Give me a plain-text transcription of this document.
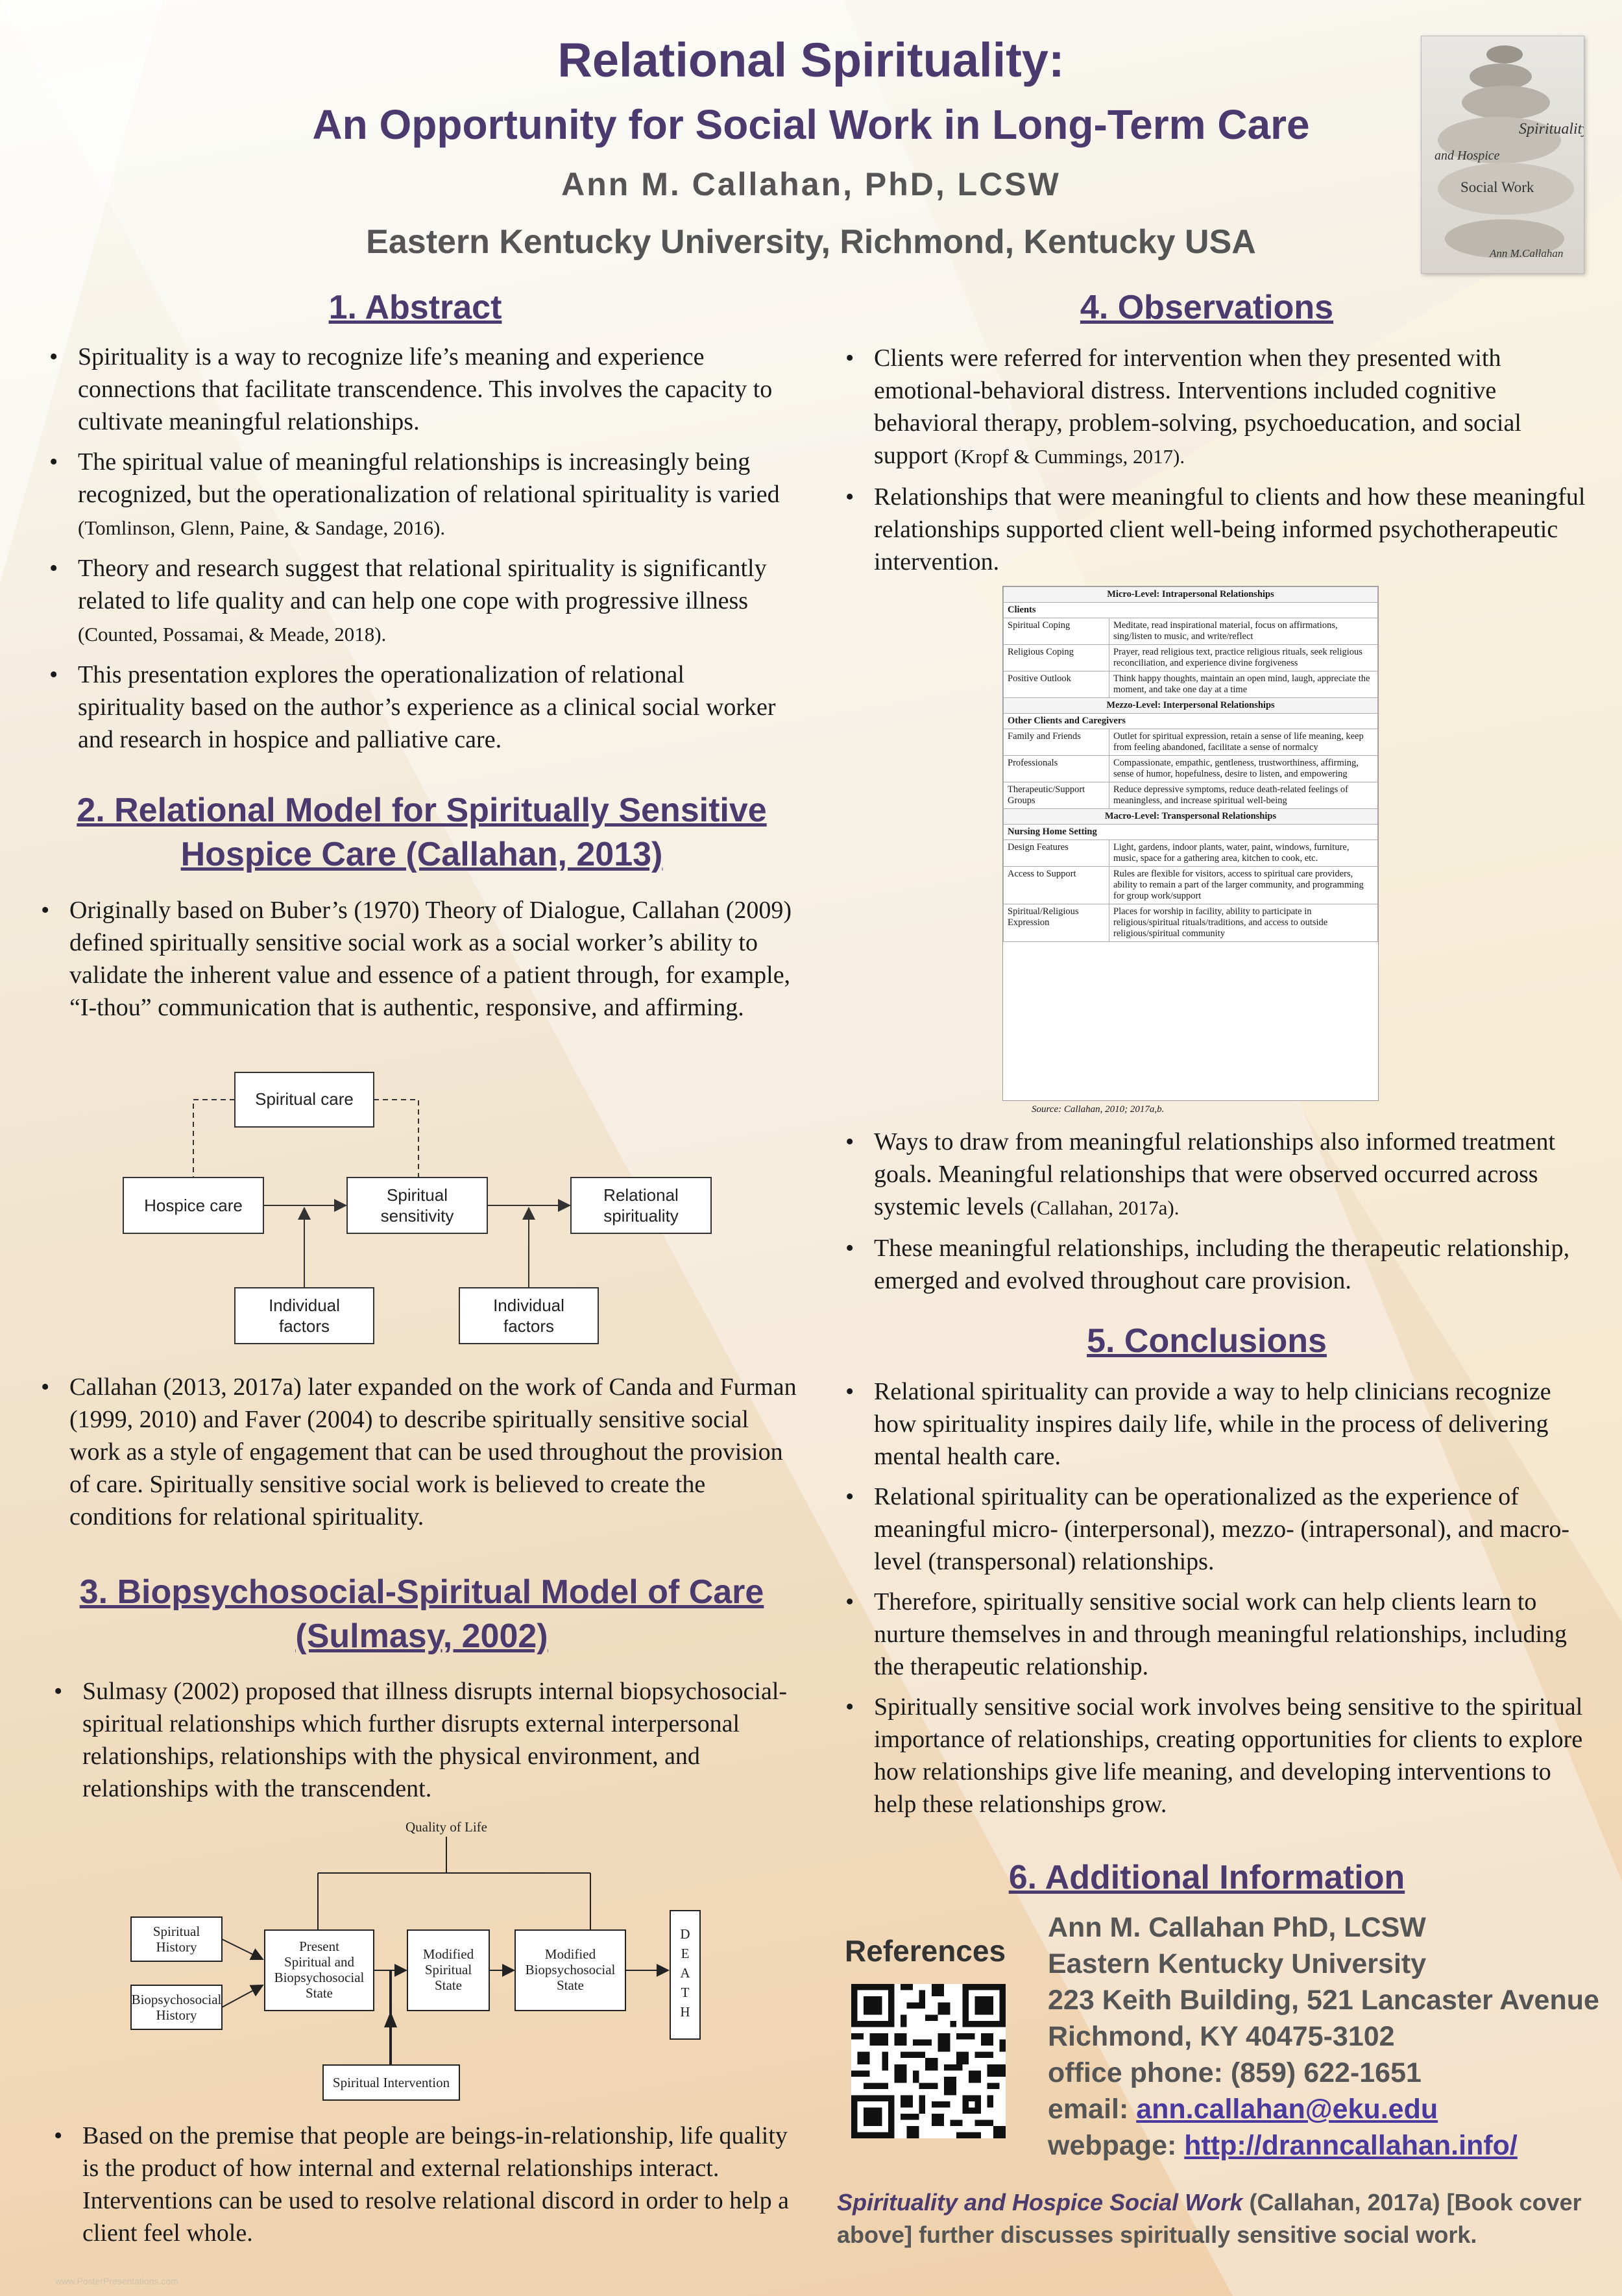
Relational Spirituality:
An Opportunity for Social Work in Long-Term Care
Ann M. Callahan, PhD, LCSW
Eastern Kentucky University, Richmond, Kentucky USA
Spirituality
and Hospice
Social Work
Ann M.Callahan
1. Abstract
• Spirituality is a way to recognize life’s meaning and experience connections that facilitate transcendence. This involves the capacity to cultivate meaningful relationships.
• The spiritual value of meaningful relationships is increasingly being recognized, but the operationalization of relational spirituality is varied (Tomlinson, Glenn, Paine, & Sandage, 2016).
• Theory and research suggest that relational spirituality is significantly related to life quality and can help one cope with progressive illness (Counted, Possamai, & Meade, 2018).
• This presentation explores the operationalization of relational spirituality based on the author’s experience as a clinical social worker and research in hospice and palliative care.
2. Relational Model for Spiritually Sensitive
Hospice Care (Callahan, 2013)
• Originally based on Buber’s (1970) Theory of Dialogue, Callahan (2009) defined spiritually sensitive social work as a social worker’s ability to validate the inherent value and essence of a patient through, for example, “I-thou” communication that is authentic, responsive, and affirming.
Spiritual care
Hospice care
Spiritual
sensitivity
Relational
spirituality
Individual
factors
Individual
factors
• Callahan (2013, 2017a) later expanded on the work of Canda and Furman (1999, 2010) and Faver (2004) to describe spiritually sensitive social work as a style of engagement that can be used throughout the provision of care. Spiritually sensitive social work is believed to create the conditions for relational spirituality.
3. Biopsychosocial-Spiritual Model of Care
(Sulmasy, 2002)
• Sulmasy (2002) proposed that illness disrupts internal biopsychosocial-spiritual relationships which further disrupts external interpersonal relationships, relationships with the physical environment, and relationships with the transcendent.
Quality of Life
Spiritual
History
Biopsychosocial
History
Present
Spiritual and
Biopsychosocial
State
Modified
Spiritual
State
Modified
Biopsychosocial
State
D
E
A
T
H
Spiritual Intervention
• Based on the premise that people are beings-in-relationship, life quality is the product of how internal and external relationships interact. Interventions can be used to resolve relational discord in order to help a client feel whole.
4. Observations
• Clients were referred for intervention when they presented with emotional-behavioral distress. Interventions included cognitive behavioral therapy, problem-solving, psychoeducation, and social support (Kropf & Cummings, 2017).
• Relationships that were meaningful to clients and how these meaningful relationships supported client well-being informed psychotherapeutic intervention.
Micro-Level: Intrapersonal Relationships	
Clients	
Spiritual Coping	Meditate, read inspirational material, focus on affirmations, sing/listen to music, and write/reflect
Religious Coping	Prayer, read religious text, practice religious rituals, seek religious reconciliation, and experience divine forgiveness
Positive Outlook	Think happy thoughts, maintain an open mind, laugh, appreciate the moment, and take one day at a time
Mezzo-Level: Interpersonal Relationships	
Other Clients and Caregivers	
Family and Friends	Outlet for spiritual expression, retain a sense of life meaning, keep from feeling abandoned, facilitate a sense of normalcy
Professionals	Compassionate, empathic, gentleness, trustworthiness, affirming, sense of humor, hopefulness, desire to listen, and empowering
Therapeutic/Support Groups	Reduce depressive symptoms, reduce death-related feelings of meaningless, and increase spiritual well-being
Macro-Level: Transpersonal Relationships	
Nursing Home Setting	
Design Features	Light, gardens, indoor plants, water, paint, windows, furniture, music, space for a gathering area, kitchen to cook, etc.
Access to Support	Rules are flexible for visitors, access to spiritual care providers, ability to remain a part of the larger community, and programming for group work/support
Spiritual/Religious Expression	Places for worship in facility, ability to participate in religious/spiritual rituals/traditions, and access to outside religious/spiritual community
Source: Callahan, 2010; 2017a,b.
• Ways to draw from meaningful relationships also informed treatment goals. Meaningful relationships that were observed occurred across systemic levels (Callahan, 2017a).
• These meaningful relationships, including the therapeutic relationship, emerged and evolved throughout care provision.
5. Conclusions
• Relational spirituality can provide a way to help clinicians recognize how spirituality inspires daily life, while in the process of delivering mental health care.
• Relational spirituality can be operationalized as the experience of meaningful micro- (interpersonal), mezzo- (intrapersonal), and macro-level (transpersonal) relationships.
• Therefore, spiritually sensitive social work can help clients learn to nurture themselves in and through meaningful relationships, including the therapeutic relationship.
• Spiritually sensitive social work involves being sensitive to the spiritual importance of relationships, creating opportunities for clients to explore how relationships give life meaning, and developing interventions to help these relationships grow.
6. Additional Information
References
Ann M. Callahan PhD, LCSW
Eastern Kentucky University
223 Keith Building, 521 Lancaster Avenue
Richmond, KY 40475-3102
office phone: (859) 622-1651
email: ann.callahan@eku.edu
webpage: http://dranncallahan.info/
Spirituality and Hospice Social Work (Callahan, 2017a) [Book cover above] further discusses spiritually sensitive social work.
www.PosterPresentations.com
